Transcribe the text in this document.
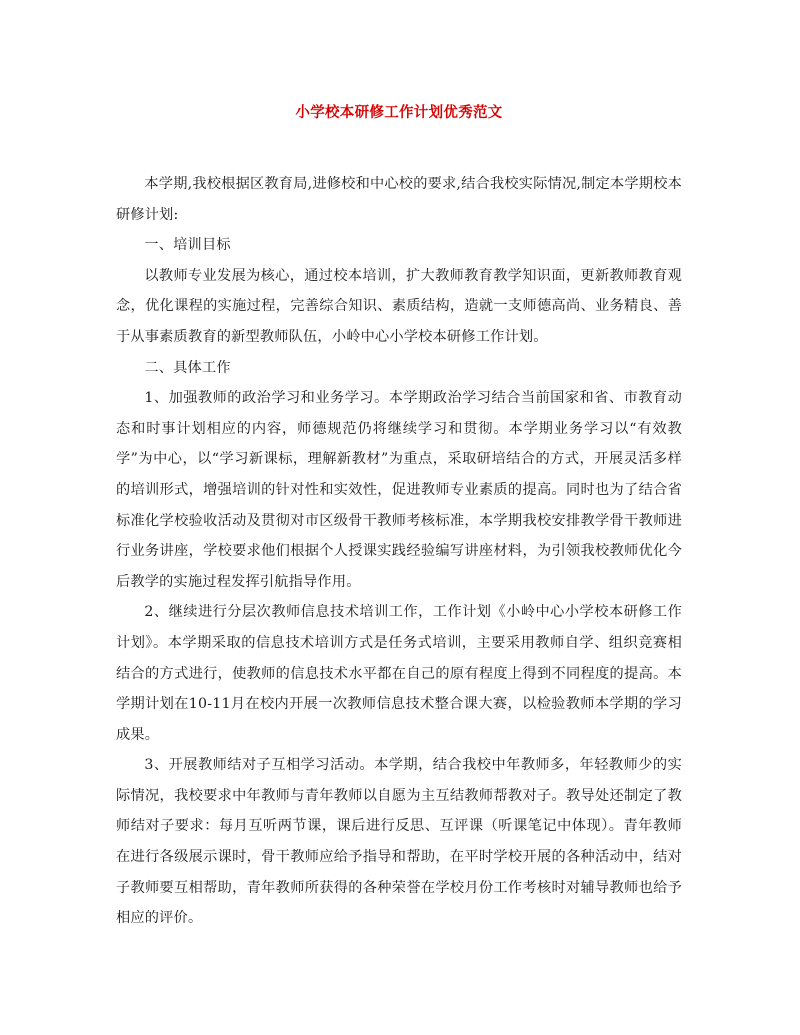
小学校本研修工作计划优秀范文

本学期,我校根据区教育局,进修校和中心校的要求,结合我校实际情况,制定本学期校本研修计划:

一、培训目标

以教师专业发展为核心，通过校本培训，扩大教师教育教学知识面，更新教师教育观念，优化课程的实施过程，完善综合知识、素质结构，造就一支师德高尚、业务精良、善于从事素质教育的新型教师队伍，小岭中心小学校本研修工作计划。

二、具体工作

1、加强教师的政治学习和业务学习。本学期政治学习结合当前国家和省、市教育动态和时事计划相应的内容，师德规范仍将继续学习和贯彻。本学期业务学习以“有效教学”为中心，以“学习新课标，理解新教材”为重点，采取研培结合的方式，开展灵活多样的培训形式，增强培训的针对性和实效性，促进教师专业素质的提高。同时也为了结合省标准化学校验收活动及贯彻对市区级骨干教师考核标准，本学期我校安排教学骨干教师进行业务讲座，学校要求他们根据个人授课实践经验编写讲座材料，为引领我校教师优化今后教学的实施过程发挥引航指导作用。

2、继续进行分层次教师信息技术培训工作，工作计划《小岭中心小学校本研修工作计划》。本学期采取的信息技术培训方式是任务式培训，主要采用教师自学、组织竞赛相结合的方式进行，使教师的信息技术水平都在自己的原有程度上得到不同程度的提高。本学期计划在10-11月在校内开展一次教师信息技术整合课大赛，以检验教师本学期的学习成果。

3、开展教师结对子互相学习活动。本学期，结合我校中年教师多，年轻教师少的实际情况，我校要求中年教师与青年教师以自愿为主互结教师帮教对子。教导处还制定了教师结对子要求：每月互听两节课，课后进行反思、互评课（听课笔记中体现）。青年教师在进行各级展示课时，骨干教师应给予指导和帮助，在平时学校开展的各种活动中，结对子教师要互相帮助，青年教师所获得的各种荣誉在学校月份工作考核时对辅导教师也给予相应的评价。
